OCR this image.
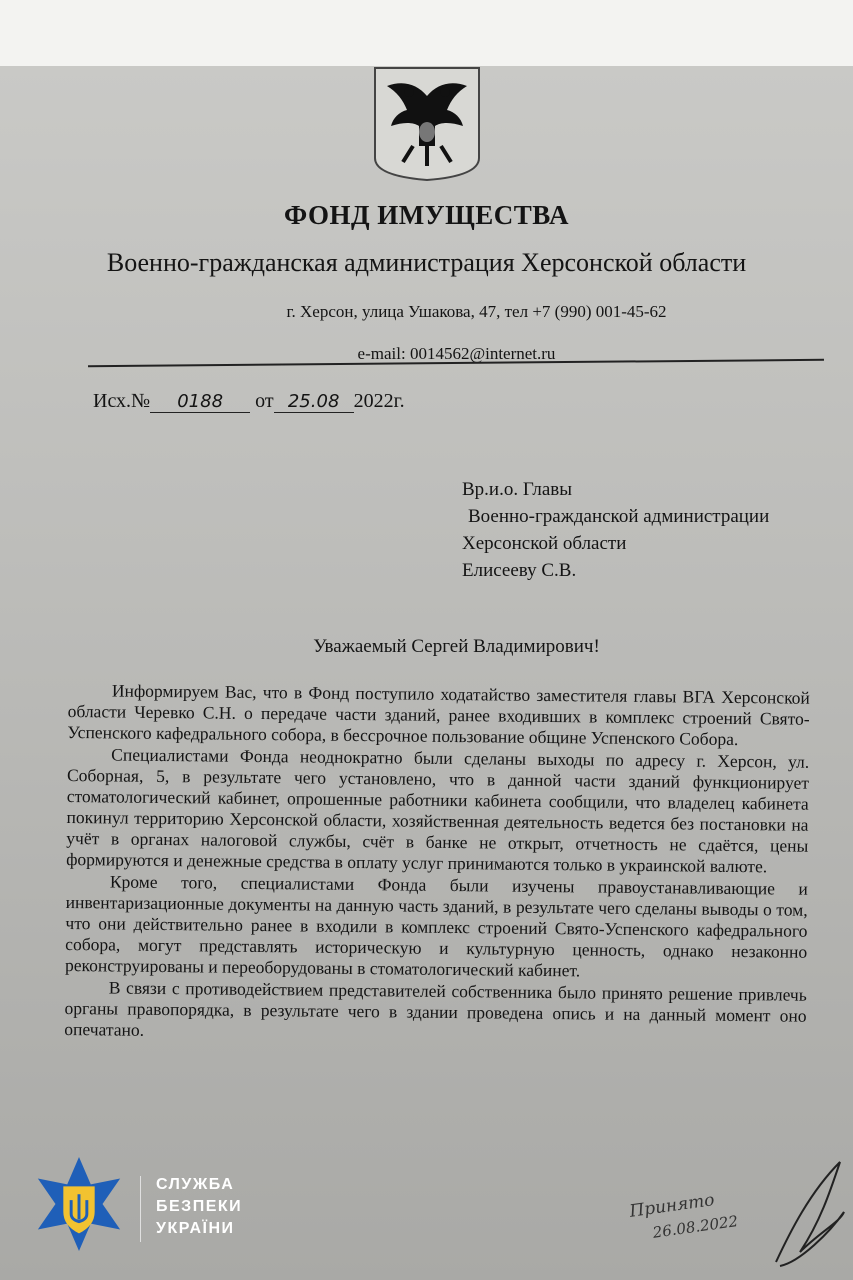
ФОНД ИМУЩЕСТВА
Военно-гражданская администрация Херсонской области
г. Херсон, улица Ушакова, 47, тел +7 (990) 001-45-62
e-mail: 0014562@internet.ru
Исх.№ 0188 от 25.08 2022г.
Вр.и.о. Главы
Военно-гражданской администрации
Херсонской области
Елисееву С.В.
Уважаемый Сергей Владимирович!

Информируем Вас, что в Фонд поступило ходатайство заместителя главы ВГА Херсонской области Черевко С.Н. о передаче части зданий, ранее входивших в комплекс строений Свято-Успенского кафедрального собора, в бессрочное пользование общине Успенского Собора.

Специалистами Фонда неоднократно были сделаны выходы по адресу г. Херсон, ул. Соборная, 5, в результате чего установлено, что в данной части зданий функционирует стоматологический кабинет, опрошенные работники кабинета сообщили, что владелец кабинета покинул территорию Херсонской области, хозяйственная деятельность ведется без постановки на учёт в органах налоговой службы, счёт в банке не открыт, отчетность не сдаётся, цены формируются и денежные средства в оплату услуг принимаются только в украинской валюте.

Кроме того, специалистами Фонда были изучены правоустанавливающие и инвентаризационные документы на данную часть зданий, в результате чего сделаны выводы о том, что они действительно ранее в входили в комплекс строений Свято-Успенского кафедрального собора, могут представлять историческую и культурную ценность, однако незаконно реконструированы и переоборудованы в стоматологический кабинет.

В связи с противодействием представителей собственника было принято решение привлечь органы правопорядка, в результате чего в здании проведена опись и на данный момент оно опечатано.

СЛУЖБА
БЕЗПЕКИ
УКРАЇНИ
Принято
26.08.2022
